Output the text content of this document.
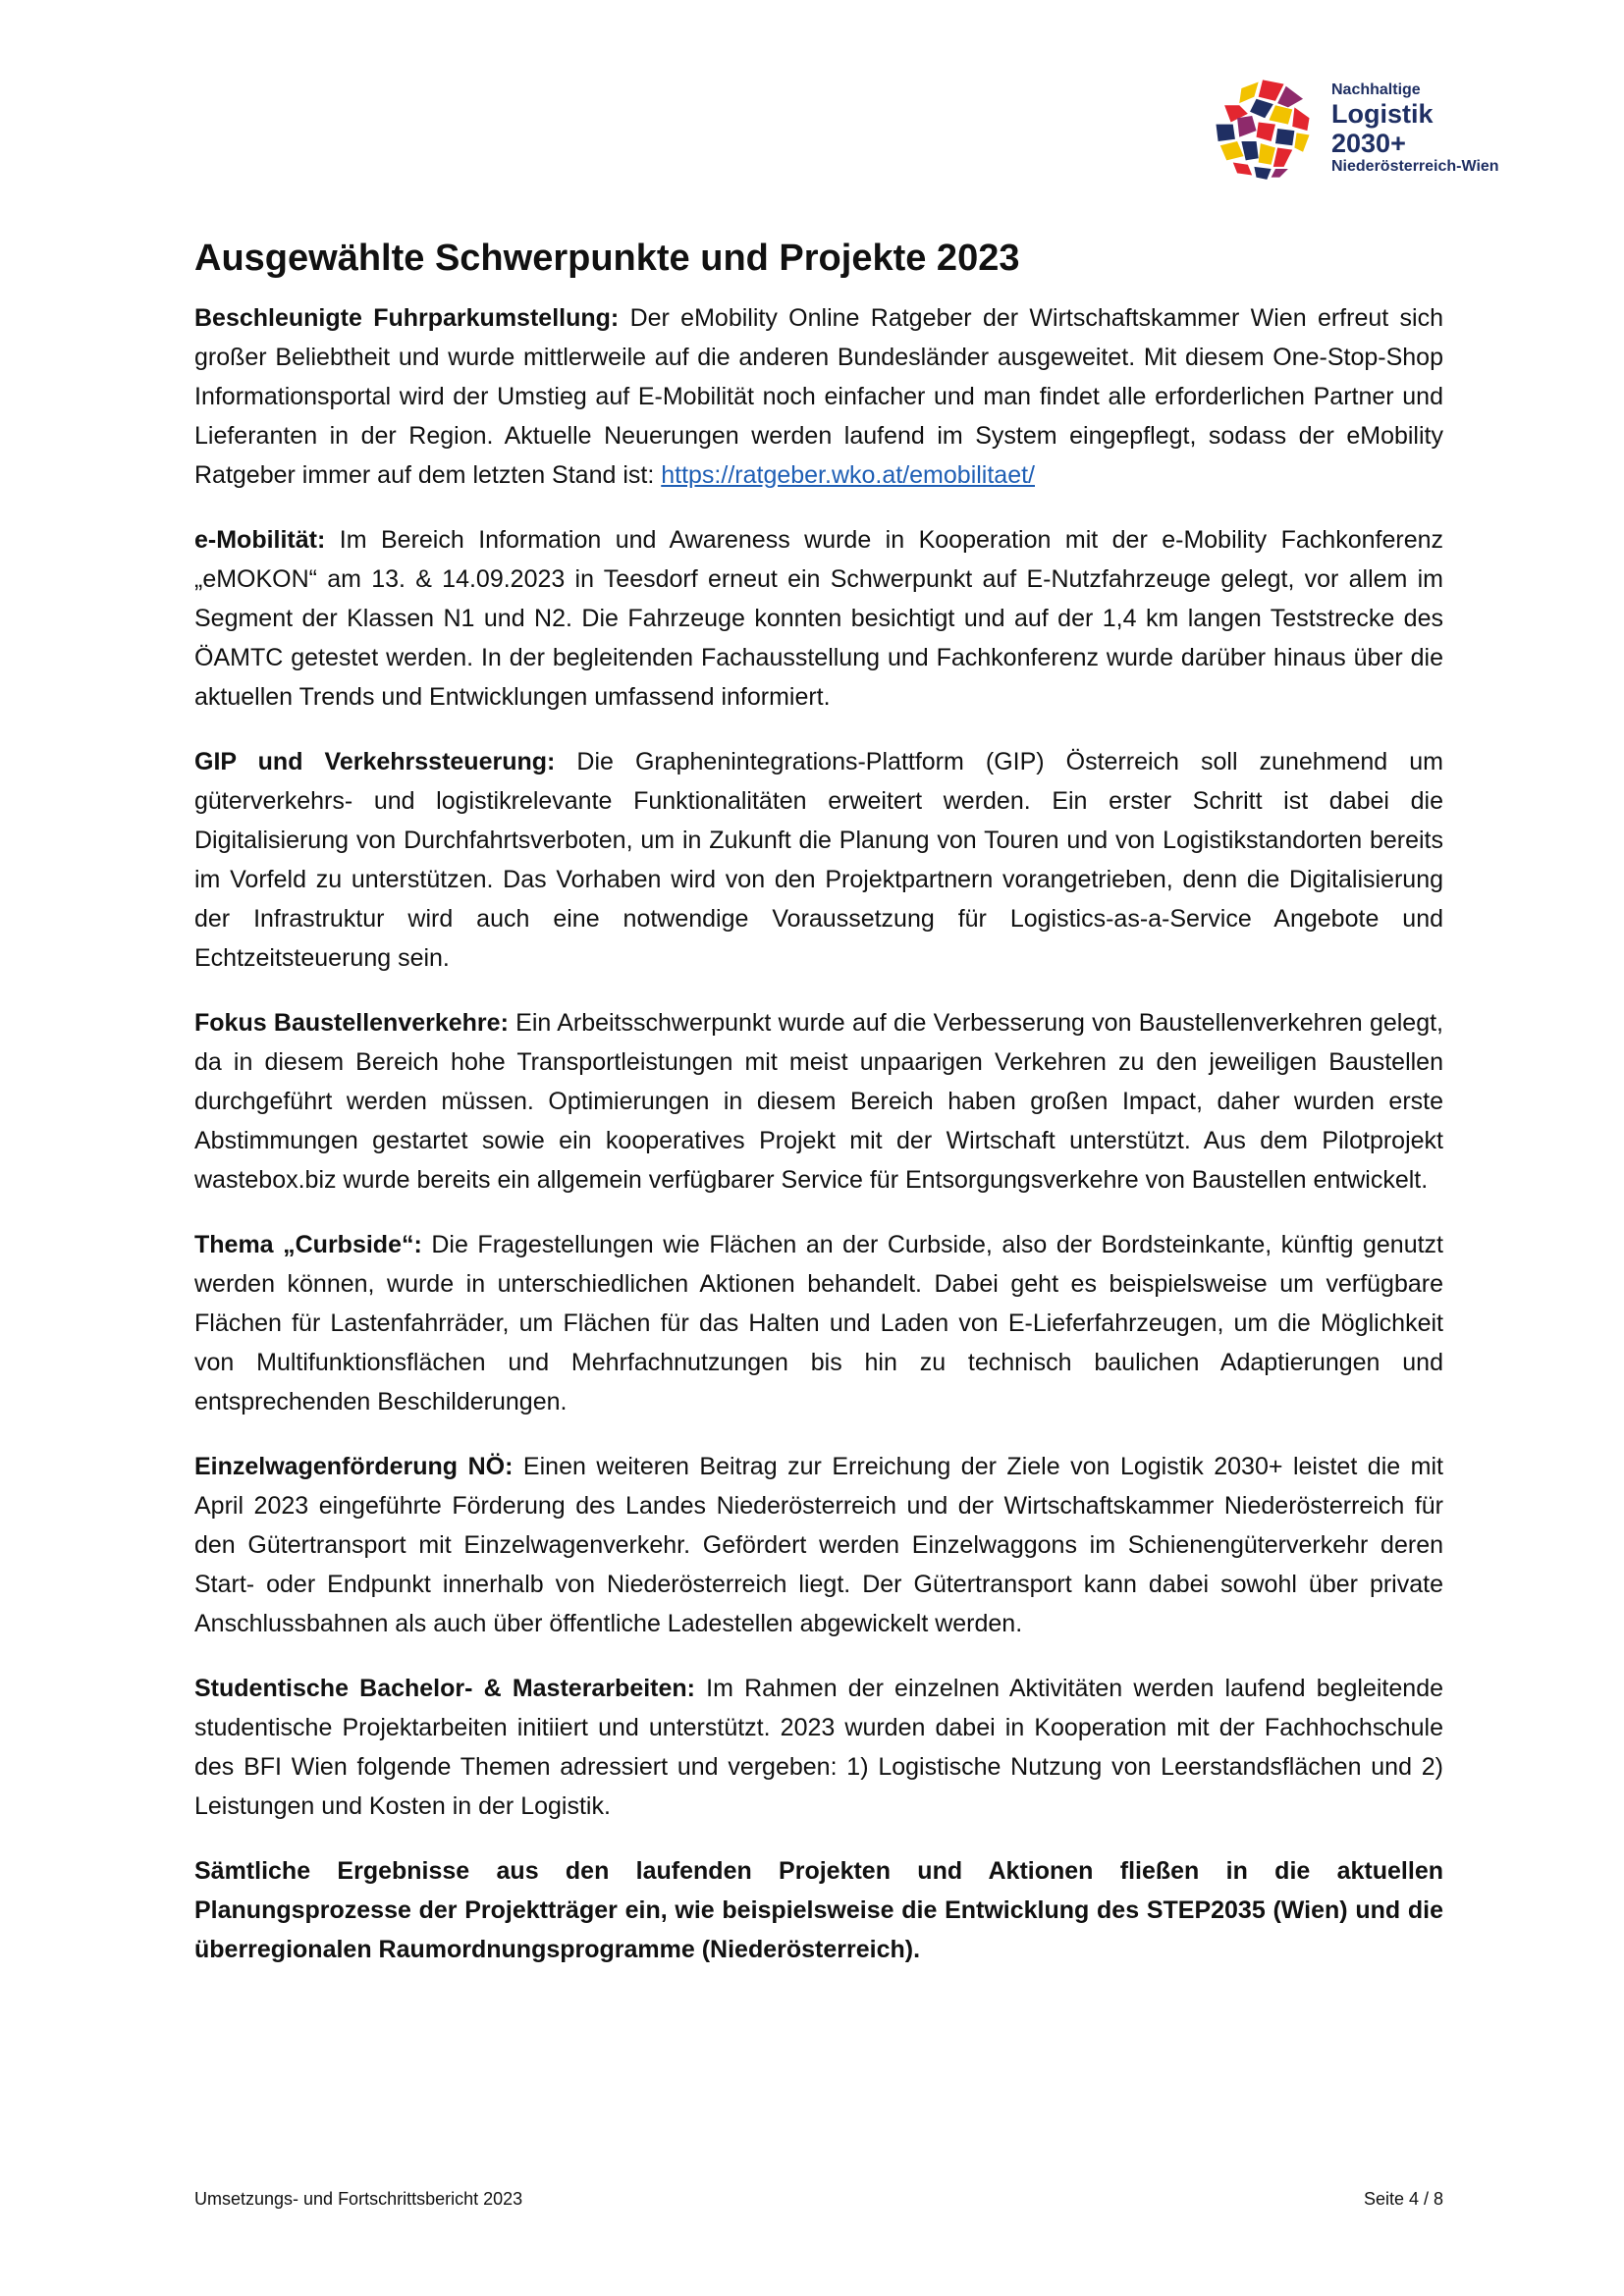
Nachhaltige
Logistik 2030+
Niederösterreich-Wien
Ausgewählte Schwerpunkte und Projekte 2023

Beschleunigte Fuhrparkumstellung: Der eMobility Online Ratgeber der Wirtschaftskammer Wien erfreut sich großer Beliebtheit und wurde mittlerweile auf die anderen Bundesländer ausgeweitet. Mit diesem One-Stop-Shop Informationsportal wird der Umstieg auf E-Mobilität noch einfacher und man findet alle erforderlichen Partner und Lieferanten in der Region. Aktuelle Neuerungen werden laufend im System eingepflegt, sodass der eMobility Ratgeber immer auf dem letzten Stand ist: https://ratgeber.wko.at/emobilitaet/

e-Mobilität: Im Bereich Information und Awareness wurde in Kooperation mit der e-Mobility Fachkonferenz „eMOKON“ am 13. & 14.09.2023 in Teesdorf erneut ein Schwerpunkt auf E-Nutzfahrzeuge gelegt, vor allem im Segment der Klassen N1 und N2. Die Fahrzeuge konnten besichtigt und auf der 1,4 km langen Teststrecke des ÖAMTC getestet werden. In der begleitenden Fachausstellung und Fachkonferenz wurde darüber hinaus über die aktuellen Trends und Entwicklungen umfassend informiert.

GIP und Verkehrssteuerung: Die Graphenintegrations-Plattform (GIP) Österreich soll zunehmend um güterverkehrs- und logistikrelevante Funktionalitäten erweitert werden. Ein erster Schritt ist dabei die Digitalisierung von Durchfahrtsverboten, um in Zukunft die Planung von Touren und von Logistikstandorten bereits im Vorfeld zu unterstützen. Das Vorhaben wird von den Projektpartnern vorangetrieben, denn die Digitalisierung der Infrastruktur wird auch eine notwendige Voraussetzung für Logistics-as-a-Service Angebote und Echtzeitsteuerung sein.

Fokus Baustellenverkehre: Ein Arbeitsschwerpunkt wurde auf die Verbesserung von Baustellenverkehren gelegt, da in diesem Bereich hohe Transportleistungen mit meist unpaarigen Verkehren zu den jeweiligen Baustellen durchgeführt werden müssen. Optimierungen in diesem Bereich haben großen Impact, daher wurden erste Abstimmungen gestartet sowie ein kooperatives Projekt mit der Wirtschaft unterstützt. Aus dem Pilotprojekt wastebox.biz wurde bereits ein allgemein verfügbarer Service für Entsorgungsverkehre von Baustellen entwickelt.

Thema „Curbside“: Die Fragestellungen wie Flächen an der Curbside, also der Bordsteinkante, künftig genutzt werden können, wurde in unterschiedlichen Aktionen behandelt. Dabei geht es beispielsweise um verfügbare Flächen für Lastenfahrräder, um Flächen für das Halten und Laden von E-Lieferfahrzeugen, um die Möglichkeit von Multifunktionsflächen und Mehrfachnutzungen bis hin zu technisch baulichen Adaptierungen und entsprechenden Beschilderungen.

Einzelwagenförderung NÖ: Einen weiteren Beitrag zur Erreichung der Ziele von Logistik 2030+ leistet die mit April 2023 eingeführte Förderung des Landes Niederösterreich und der Wirtschaftskammer Niederösterreich für den Gütertransport mit Einzelwagenverkehr. Gefördert werden Einzelwaggons im Schienengüterverkehr deren Start- oder Endpunkt innerhalb von Niederösterreich liegt. Der Gütertransport kann dabei sowohl über private Anschlussbahnen als auch über öffentliche Ladestellen abgewickelt werden.

Studentische Bachelor- & Masterarbeiten: Im Rahmen der einzelnen Aktivitäten werden laufend begleitende studentische Projektarbeiten initiiert und unterstützt. 2023 wurden dabei in Kooperation mit der Fachhochschule des BFI Wien folgende Themen adressiert und vergeben: 1) Logistische Nutzung von Leerstandsflächen und 2) Leistungen und Kosten in der Logistik.

Sämtliche Ergebnisse aus den laufenden Projekten und Aktionen fließen in die aktuellen Planungsprozesse der Projektträger ein, wie beispielsweise die Entwicklung des STEP2035 (Wien) und die überregionalen Raumordnungsprogramme (Niederösterreich).

Umsetzungs- und Fortschrittsbericht 2023	Seite 4 / 8
